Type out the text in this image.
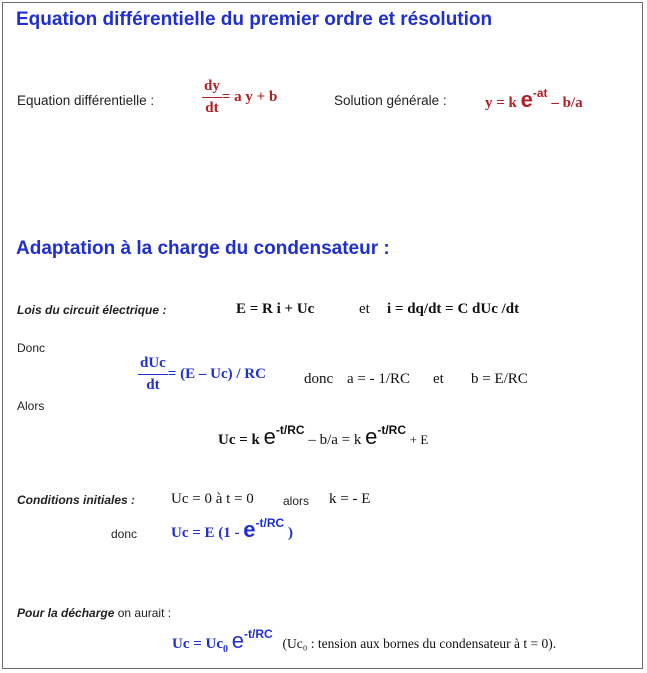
Equation différentielle du premier ordre et résolution
Equation différentielle :	$\frac{dy}{dt} = a$ y + b	Solution générale :	y = k $e^{-at} - b/a$
Adaptation à la charge du condensateur :
Lois du circuit électrique :	E = R i + Uc	et i = dq/dt = C dUc /dt
Donc
$\frac{\text{dUc}}{dt} = (E - Uc)$ / RC	donc a = - 1/RC et b = E/RC
Alors
Uc = k $e^{-t/RC} - b/a = k$ $e^{-t/RC} + E$
Conditions initiales : Uc = 0 à t = 0 alors k = - E
donc Uc = E ($1 - e^{-t/RC}$ )
Pour la décharge on aurait :
$Uc = Uc_0$ $e^{-t/RC}$ (Uc₀ : tension aux bornes du condensateur à t = 0).
